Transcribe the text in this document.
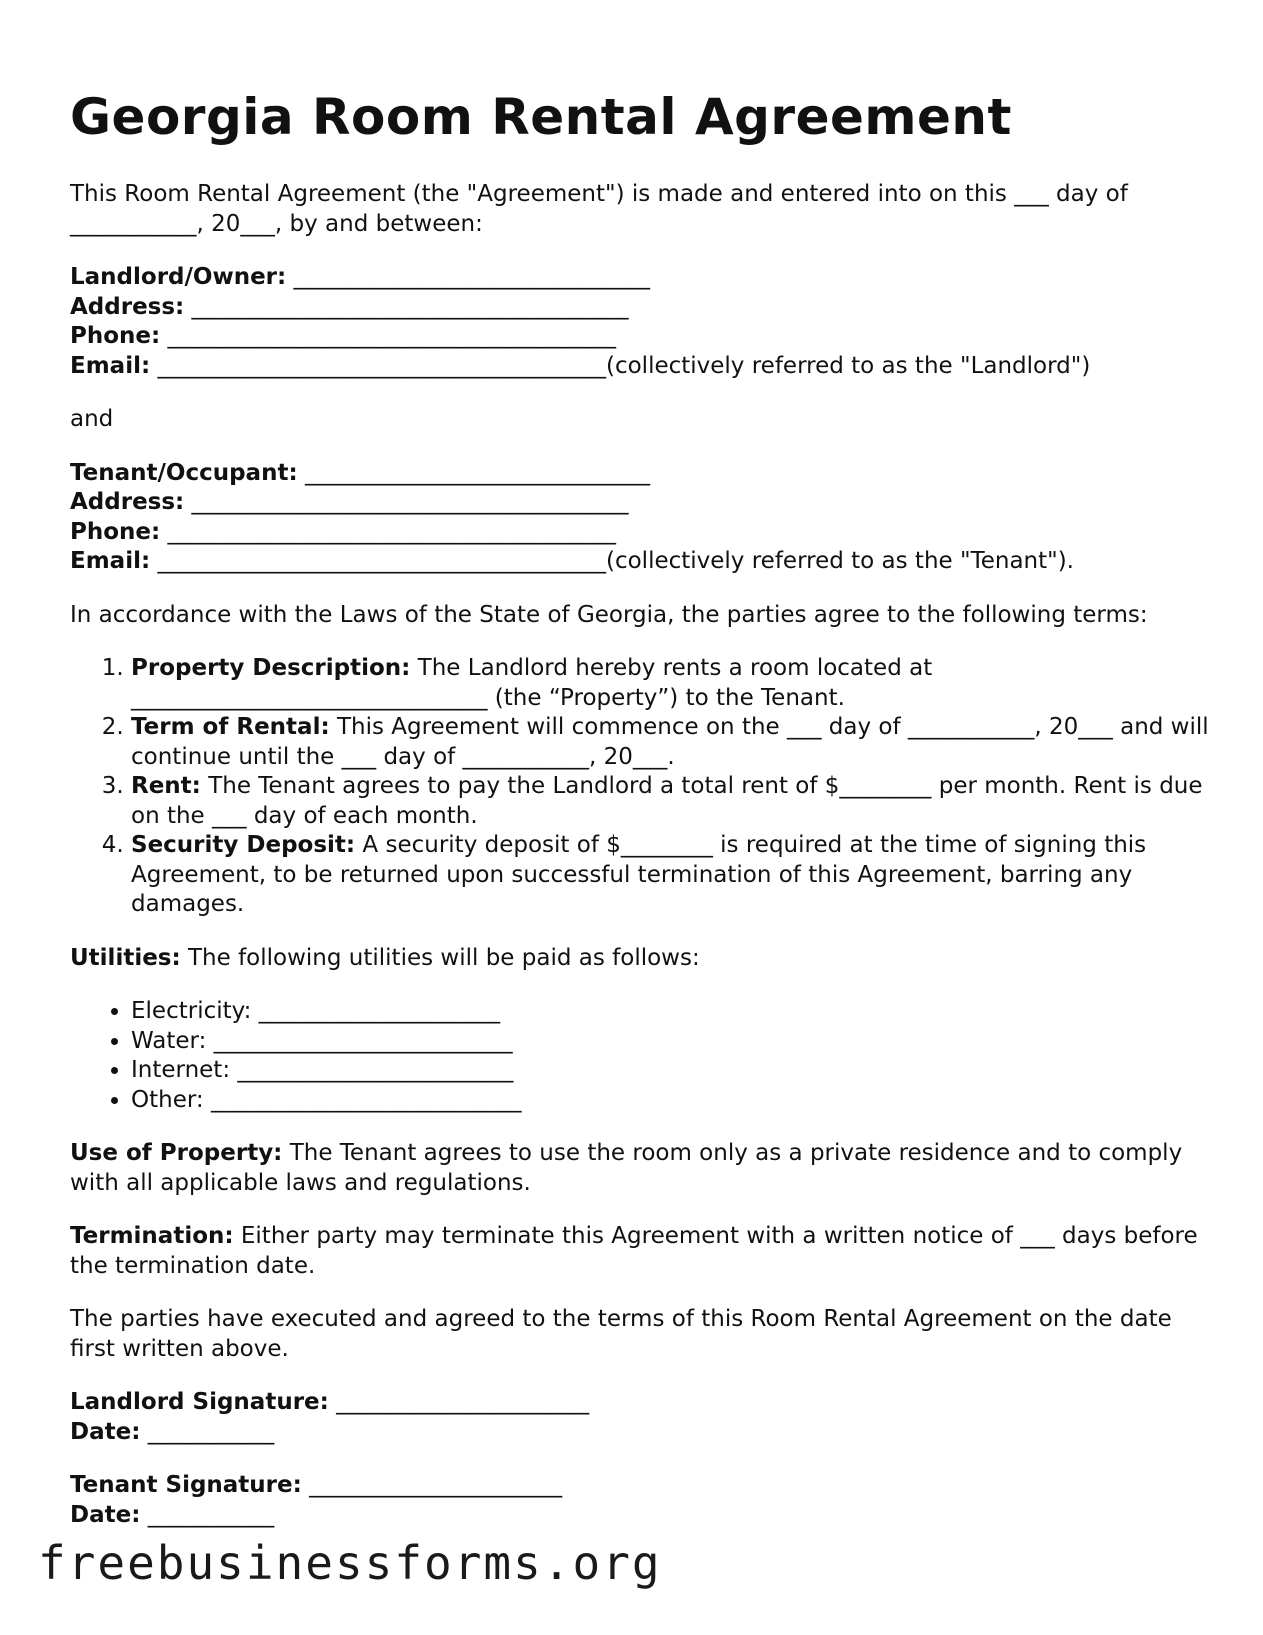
Georgia Room Rental Agreement

This Room Rental Agreement (the "Agreement") is made and entered into on this ___ day of ___________, 20___, by and between:

Landlord/Owner: _______________________________
Address: ______________________________________
Phone: _______________________________________
Email: _______________________________________(collectively referred to as the "Landlord")

and

Tenant/Occupant: ______________________________
Address: ______________________________________
Phone: _______________________________________
Email: _______________________________________(collectively referred to as the "Tenant").

In accordance with the Laws of the State of Georgia, the parties agree to the following terms:

1. Property Description: The Landlord hereby rents a room located at _______________________________ (the “Property”) to the Tenant.
2. Term of Rental: This Agreement will commence on the ___ day of ___________, 20___ and will continue until the ___ day of ___________, 20___.
3. Rent: The Tenant agrees to pay the Landlord a total rent of $________ per month. Rent is due on the ___ day of each month.
4. Security Deposit: A security deposit of $________ is required at the time of signing this Agreement, to be returned upon successful termination of this Agreement, barring any damages.

Utilities: The following utilities will be paid as follows:

• Electricity: _____________________
• Water: __________________________
• Internet: ________________________
• Other: ___________________________

Use of Property: The Tenant agrees to use the room only as a private residence and to comply with all applicable laws and regulations.

Termination: Either party may terminate this Agreement with a written notice of ___ days before the termination date.

The parties have executed and agreed to the terms of this Room Rental Agreement on the date first written above.

Landlord Signature: ______________________
Date: ___________
Tenant Signature: ______________________
Date: ___________
freebusinessforms.org
